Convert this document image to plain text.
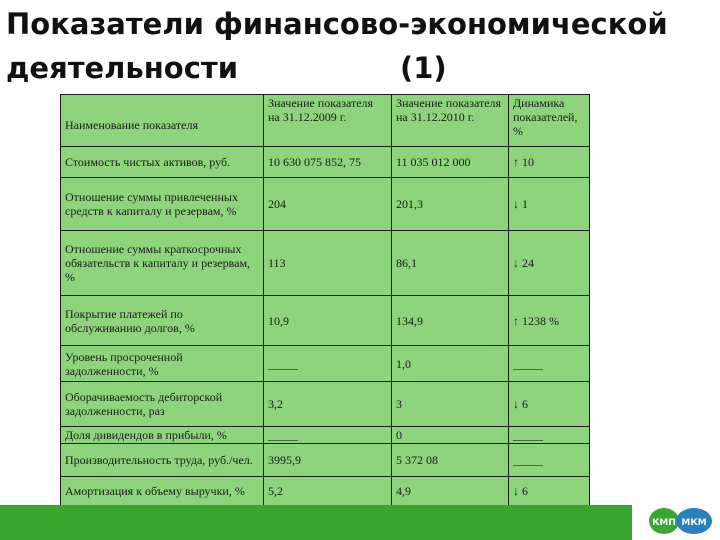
Показатели финансово-экономической
деятельности	(1)
Наименование показателя	Значение показателя на 31.12.2009 г.	Значение показателя на 31.12.2010 г.	Динамика показателей, %
Стоимость чистых активов, руб.	10 630 075 852, 75	11 035 012 000	↑ 10
Отношение суммы привлеченных средств к капиталу и резервам, %	204	201,3	↓ 1
Отношение суммы краткосрочных обязательств к капиталу и резервам, %	113	86,1	↓ 24
Покрытие платежей по обслуживанию долгов, %	10,9	134,9	↑ 1238 %
Уровень просроченной задолженности, %	_____	1,0	_____
Оборачиваемость дебиторской задолженности, раз	3,2	3	↓ 6
Доля дивидендов в прибыли, %	_____	0	_____
Производительность труда, руб./чел.	3995,9	5 372 08	_____
Амортизация к объему выручки, %	5,2	4,9	↓ 6
КМП МКМ
